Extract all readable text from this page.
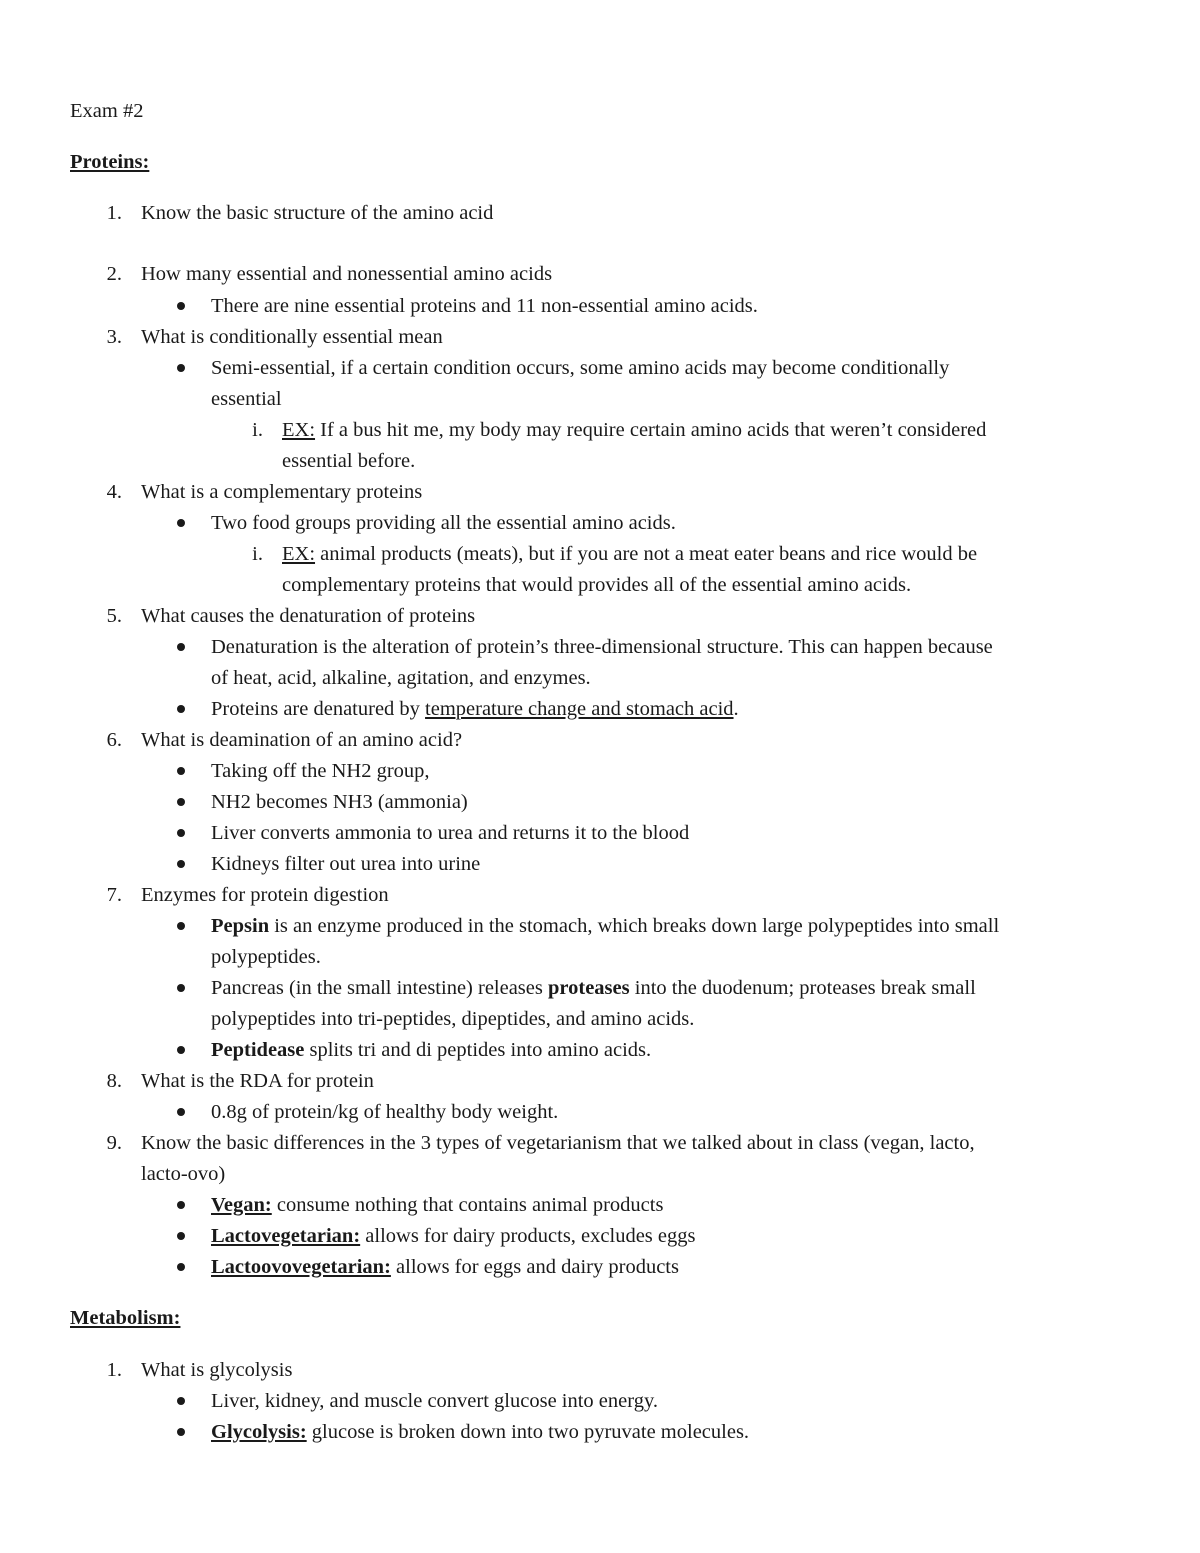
Exam #2
Proteins:
1. Know the basic structure of the amino acid
2. How many essential and nonessential amino acids
There are nine essential proteins and 11 non-essential amino acids.
3. What is conditionally essential mean
Semi-essential, if a certain condition occurs, some amino acids may become conditionally
essential
i. EX: If a bus hit me, my body may require certain amino acids that weren’t considered
essential before.
4. What is a complementary proteins
Two food groups providing all the essential amino acids.
i. EX: animal products (meats), but if you are not a meat eater beans and rice would be
complementary proteins that would provides all of the essential amino acids.
5. What causes the denaturation of proteins
Denaturation is the alteration of protein’s three-dimensional structure. This can happen because
of heat, acid, alkaline, agitation, and enzymes.
Proteins are denatured by temperature change and stomach acid.
6. What is deamination of an amino acid?
Taking off the NH2 group,
NH2 becomes NH3 (ammonia)
Liver converts ammonia to urea and returns it to the blood
Kidneys filter out urea into urine
7. Enzymes for protein digestion
Pepsin is an enzyme produced in the stomach, which breaks down large polypeptides into small
polypeptides.
Pancreas (in the small intestine) releases proteases into the duodenum; proteases break small
polypeptides into tri-peptides, dipeptides, and amino acids.
Peptidease splits tri and di peptides into amino acids.
8. What is the RDA for protein
0.8g of protein/kg of healthy body weight.
9. Know the basic differences in the 3 types of vegetarianism that we talked about in class (vegan, lacto,
lacto-ovo)
Vegan: consume nothing that contains animal products
Lactovegetarian: allows for dairy products, excludes eggs
Lactoovovegetarian: allows for eggs and dairy products
Metabolism:
1. What is glycolysis
Liver, kidney, and muscle convert glucose into energy.
Glycolysis: glucose is broken down into two pyruvate molecules.
